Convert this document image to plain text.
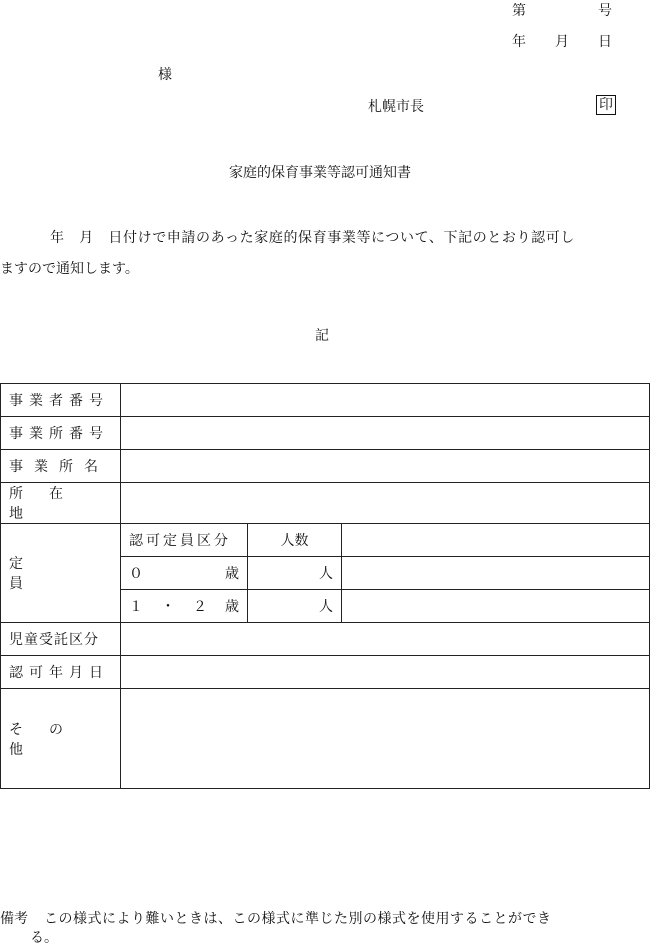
第	号
年 月 日
様
札幌市長	印
家庭的保育事業等認可通知書
年　月　日付けで申請のあった家庭的保育事業等について、下記のとおり認可し
ますので通知します。
記
事業者番号			

事業所番号			
事業所名			
所在地			
定員	認可定員区分	人数	

	０ 歳	人	

	１ ・ ２ 歳	人	
児童受託区分			
認可年月日			
その他			
備考 この様式により難いときは、この様式に準じた別の様式を使用することができ
る。
